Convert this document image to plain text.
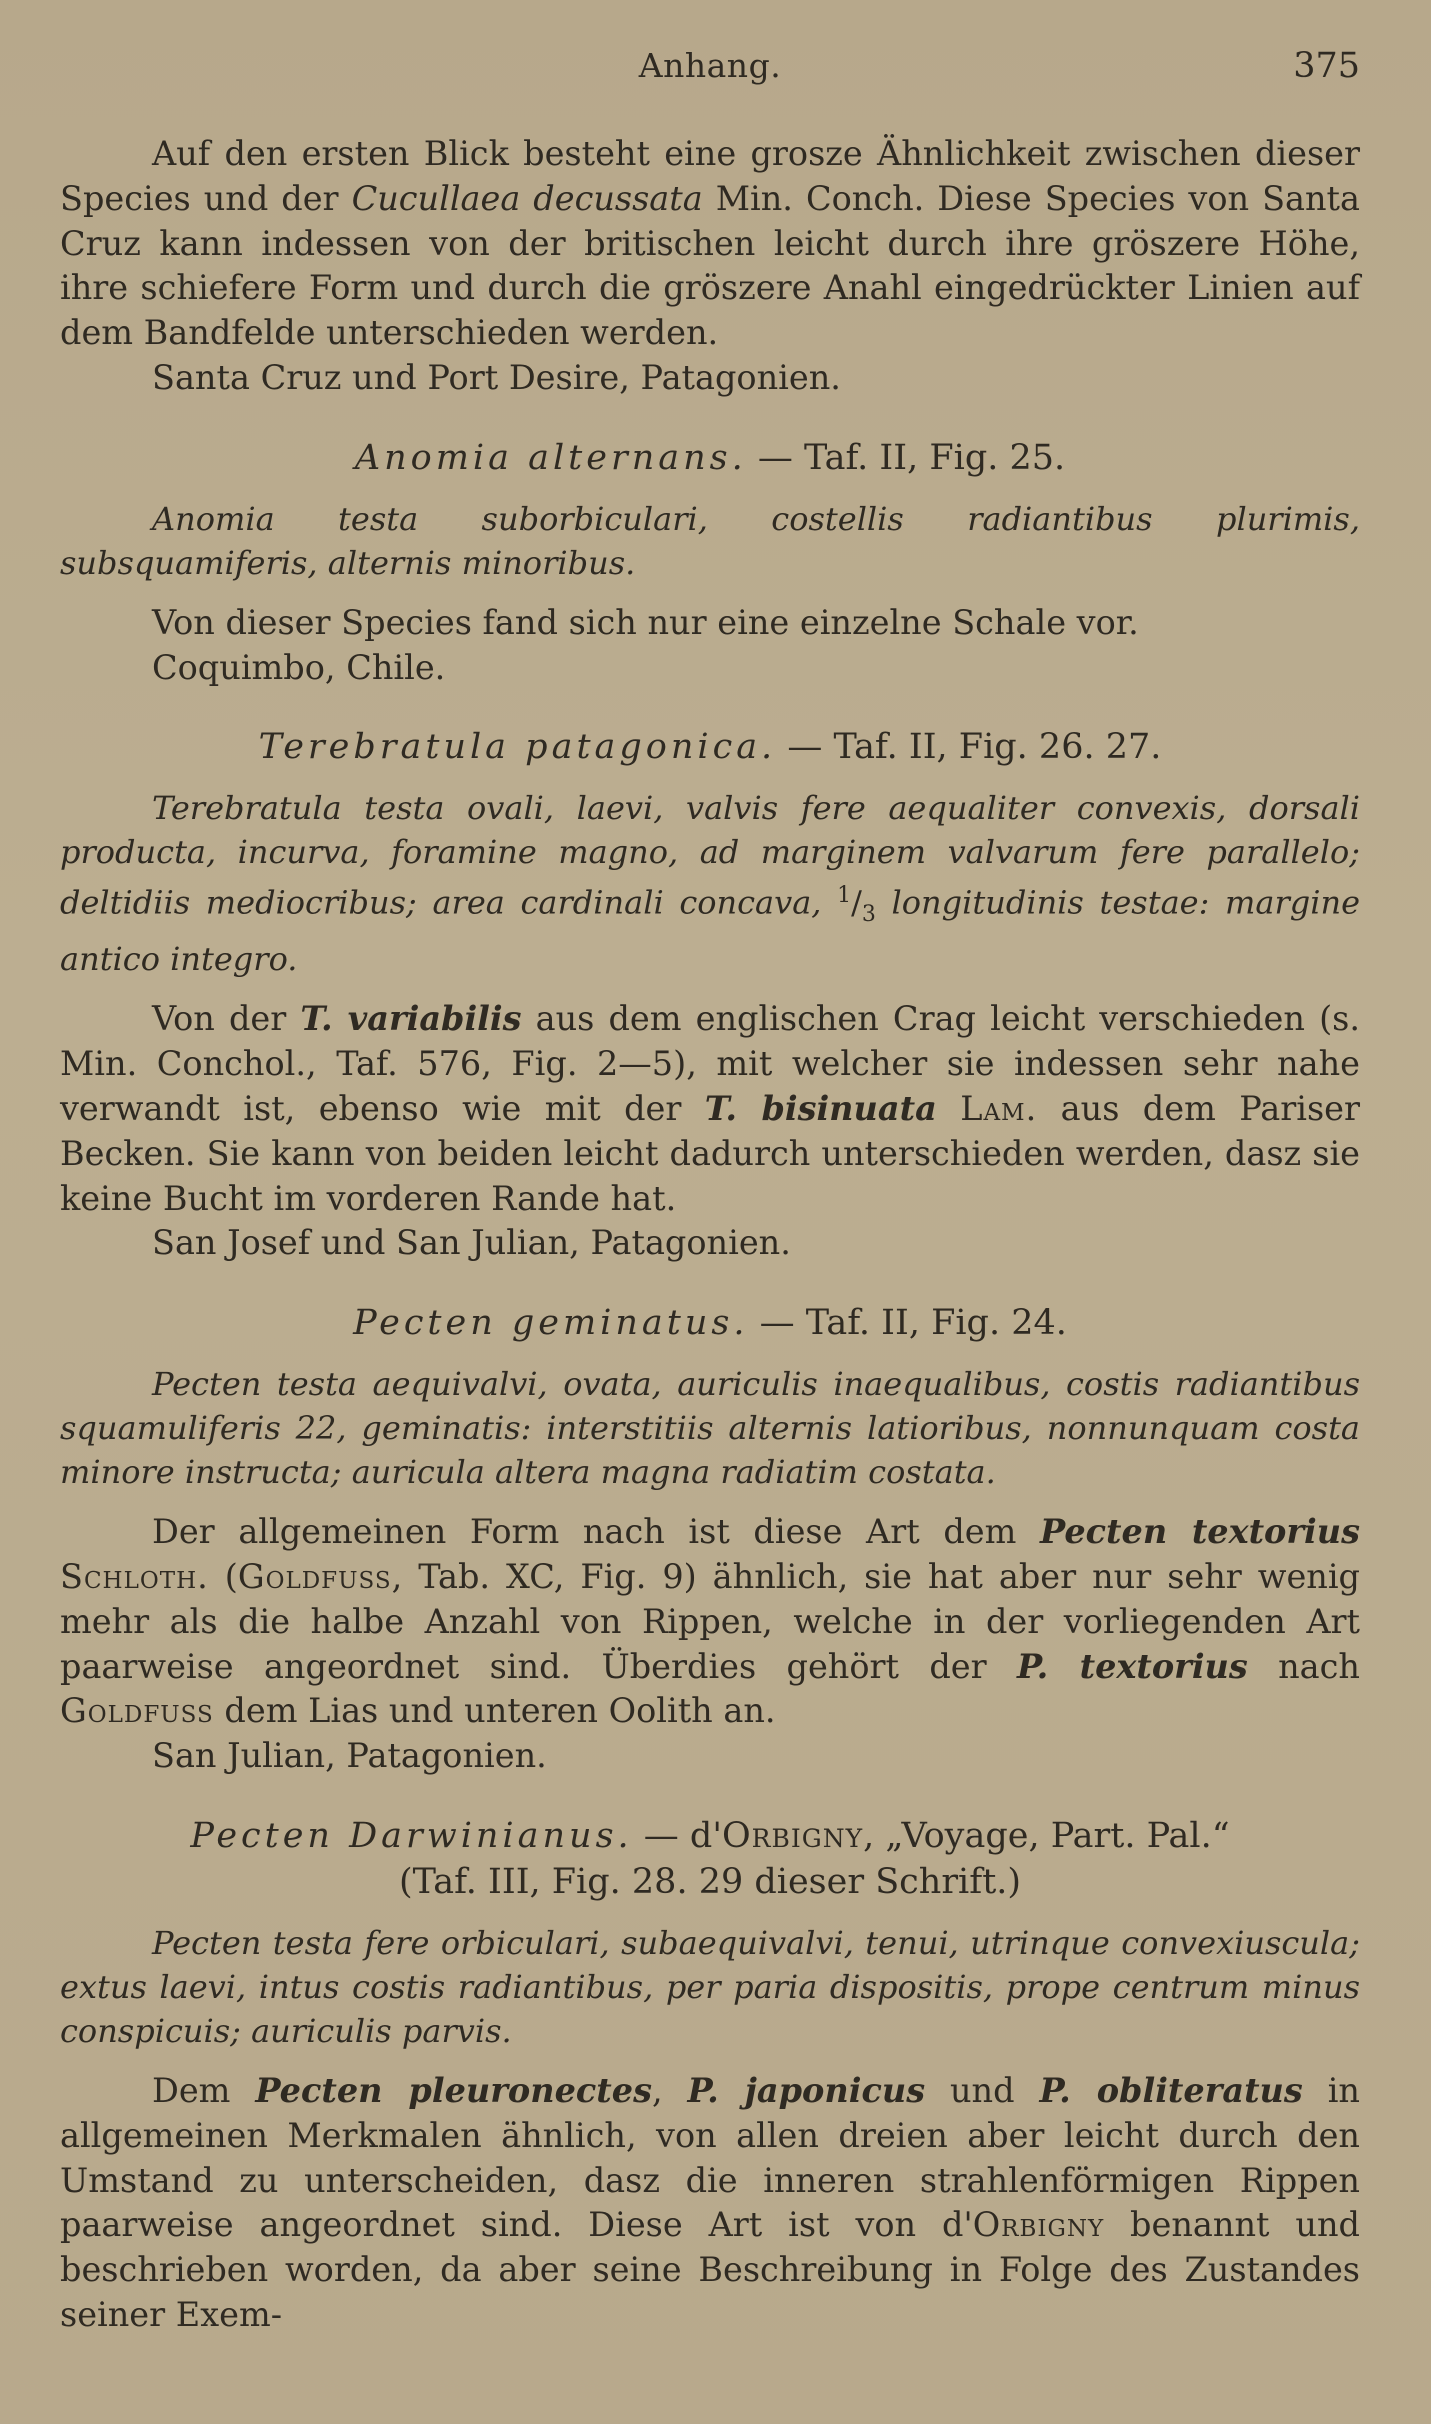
Anhang.	375

Auf den ersten Blick besteht eine grosze Ähnlichkeit zwischen dieser Species und der Cucullaea decussata Min. Conch. Diese Species von Santa Cruz kann indessen von der britischen leicht durch ihre gröszere Höhe, ihre schiefere Form und durch die gröszere Anahl eingedrückter Linien auf dem Bandfelde unterschieden werden.

Santa Cruz und Port Desire, Patagonien.

Anomia alternans. — Taf. II, Fig. 25.

Anomia testa suborbiculari, costellis radiantibus plurimis, subsquamiferis, alternis minoribus.

Von dieser Species fand sich nur eine einzelne Schale vor.

Coquimbo, Chile.

Terebratula patagonica. — Taf. II, Fig. 26. 27.

Terebratula testa ovali, laevi, valvis fere aequaliter convexis, dorsali producta, incurva, foramine magno, ad marginem valvarum fere parallelo; deltidiis mediocribus; area cardinali concava, $^1/_3$ longitudinis testae: margine antico integro.

Von der T. variabilis aus dem englischen Crag leicht verschieden (s. Min. Conchol., Taf. 576, Fig. 2—5), mit welcher sie indessen sehr nahe verwandt ist, ebenso wie mit der T. bisinuata Lam. aus dem Pariser Becken. Sie kann von beiden leicht dadurch unterschieden werden, dasz sie keine Bucht im vorderen Rande hat.

San Josef und San Julian, Patagonien.

Pecten geminatus. — Taf. II, Fig. 24.

Pecten testa aequivalvi, ovata, auriculis inaequalibus, costis radiantibus squamuliferis 22, geminatis: interstitiis alternis latioribus, nonnunquam costa minore instructa; auricula altera magna radiatim costata.

Der allgemeinen Form nach ist diese Art dem Pecten textorius Schloth. (Goldfuss, Tab. XC, Fig. 9) ähnlich, sie hat aber nur sehr wenig mehr als die halbe Anzahl von Rippen, welche in der vorliegenden Art paarweise angeordnet sind. Überdies gehört der P. textorius nach Goldfuss dem Lias und unteren Oolith an.

San Julian, Patagonien.

Pecten Darwinianus. — d'Orbigny, „Voyage, Part. Pal.“
(Taf. III, Fig. 28. 29 dieser Schrift.)

Pecten testa fere orbiculari, subaequivalvi, tenui, utrinque convexiuscula; extus laevi, intus costis radiantibus, per paria dispositis, prope centrum minus conspicuis; auriculis parvis.

Dem Pecten pleuronectes, P. japonicus und P. obliteratus in allgemeinen Merkmalen ähnlich, von allen dreien aber leicht durch den Umstand zu unterscheiden, dasz die inneren strahlenförmigen Rippen paarweise angeordnet sind. Diese Art ist von d'Orbigny benannt und beschrieben worden, da aber seine Beschreibung in Folge des Zustandes seiner Exem-
